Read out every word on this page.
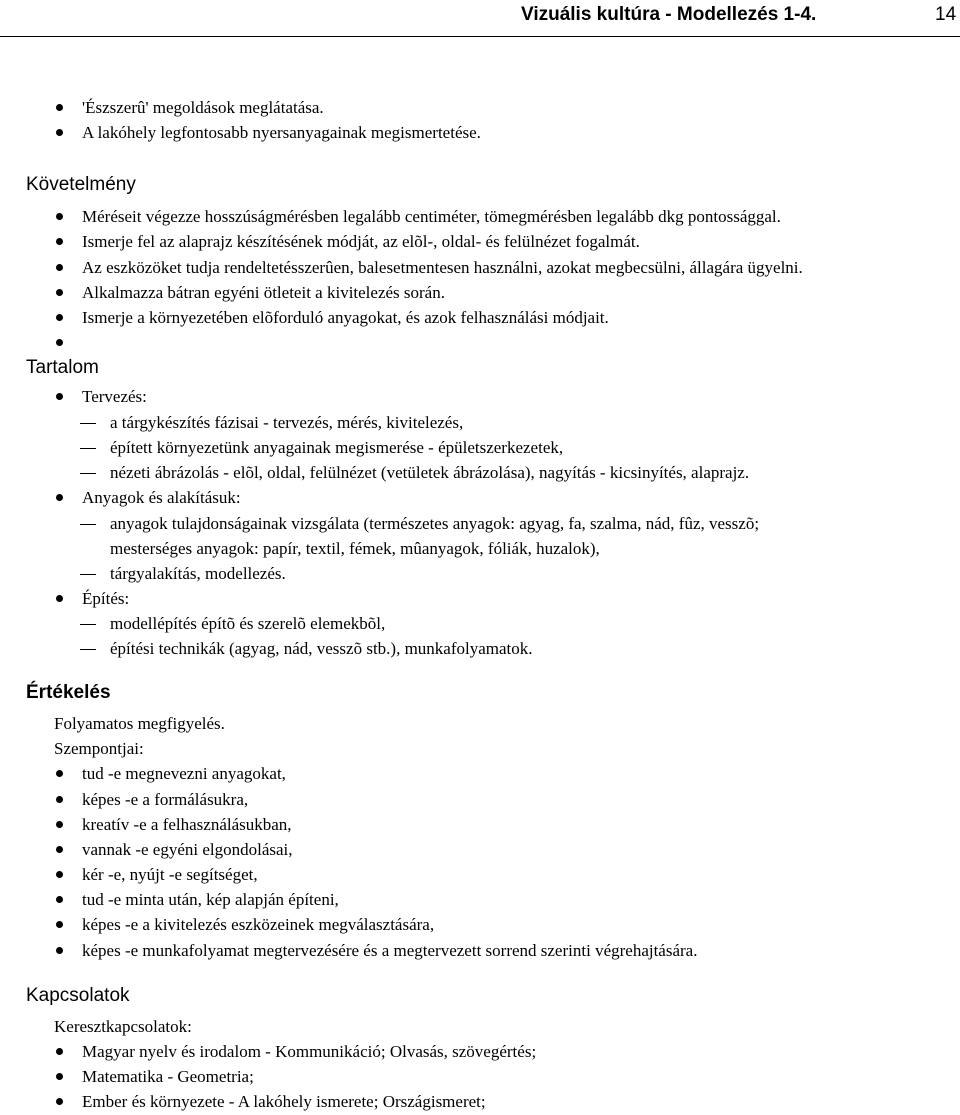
Vizuális kultúra - Modellezés 1-4.	14
'Észszerû' megoldások meglátatása.
A lakóhely legfontosabb nyersanyagainak megismertetése.
Követelmény
Méréseit végezze hosszúságmérésben legalább centiméter, tömegmérésben legalább dkg pontossággal.
Ismerje fel az alaprajz készítésének módját, az elõl-, oldal- és felülnézet fogalmát.
Az eszközöket tudja rendeltetésszerûen, balesetmentesen használni, azokat megbecsülni, állagára ügyelni.
Alkalmazza bátran egyéni ötleteit a kivitelezés során.
Ismerje a környezetében elõforduló anyagokat, és azok felhasználási módjait.
Tartalom
Tervezés:
a tárgykészítés fázisai - tervezés, mérés, kivitelezés,
épített környezetünk anyagainak megismerése - épületszerkezetek,
nézeti ábrázolás - elõl, oldal, felülnézet (vetületek ábrázolása), nagyítás - kicsinyítés, alaprajz.
Anyagok és alakításuk:
anyagok tulajdonságainak vizsgálata (természetes anyagok: agyag, fa, szalma, nád, fûz, vesszõ;
mesterséges anyagok: papír, textil, fémek, mûanyagok, fóliák, huzalok),
tárgyalakítás, modellezés.
Építés:
modellépítés építõ és szerelõ elemekbõl,
építési technikák (agyag, nád, vesszõ stb.), munkafolyamatok.
Értékelés
Folyamatos megfigyelés.
Szempontjai:
tud -e megnevezni anyagokat,
képes -e a formálásukra,
kreatív -e a felhasználásukban,
vannak -e egyéni elgondolásai,
kér -e, nyújt -e segítséget,
tud -e minta után, kép alapján építeni,
képes -e a kivitelezés eszközeinek megválasztására,
képes -e munkafolyamat megtervezésére és a megtervezett sorrend szerinti végrehajtására.
Kapcsolatok
Keresztkapcsolatok:
Magyar nyelv és irodalom - Kommunikáció; Olvasás, szövegértés;
Matematika - Geometria;
Ember és környezete - A lakóhely ismerete; Országismeret;
